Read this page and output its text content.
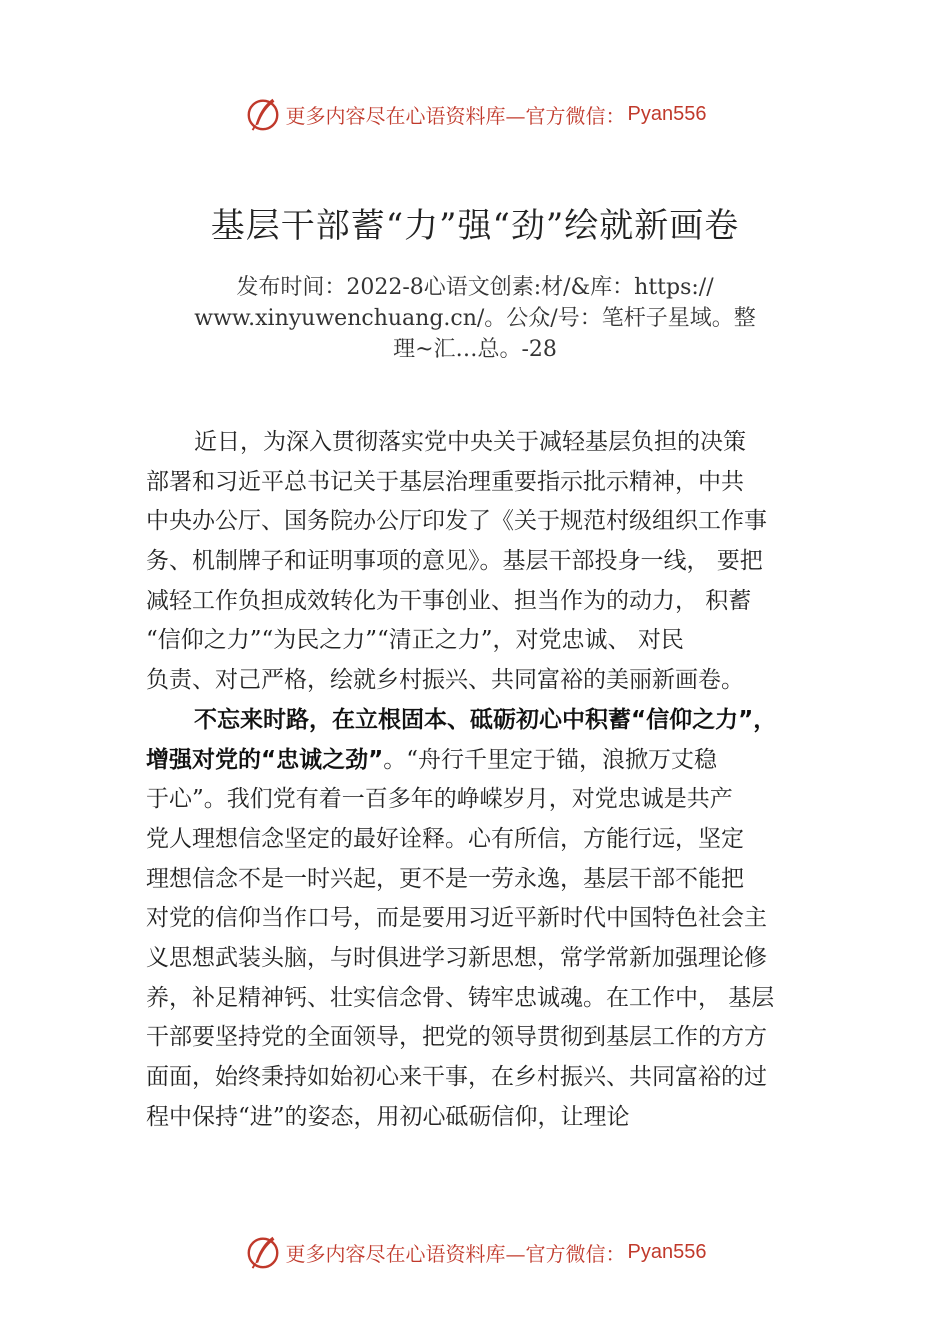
更多内容尽在心语资料库—官方微信： Pyan556
基层干部蓄“力”强“劲”绘就新画卷
发布时间：2022-8心语文创素:材/&库：https://
www.xinyuwenchuang.cn/。公众/号：笔杆子星域。整
理~汇…总。-28
近日，为深入贯彻落实党中央关于减轻基层负担的决策
部署和习近平总书记关于基层治理重要指示批示精神，中共
中央办公厅、国务院办公厅印发了《关于规范村级组织工作事
务、机制牌子和证明事项的意见》。基层干部投身一线， 要把
减轻工作负担成效转化为干事创业、担当作为的动力， 积蓄
“信仰之力”“为民之力”“清正之力”，对党忠诚、 对民
负责、对己严格，绘就乡村振兴、共同富裕的美丽新画卷。
不忘来时路，在立根固本、砥砺初心中积蓄“信仰之力”，
增强对党的“忠诚之劲”。“舟行千里定于锚，浪掀万丈稳
于心”。我们党有着一百多年的峥嵘岁月，对党忠诚是共产
党人理想信念坚定的最好诠释。心有所信，方能行远，坚定
理想信念不是一时兴起，更不是一劳永逸，基层干部不能把
对党的信仰当作口号，而是要用习近平新时代中国特色社会主
义思想武装头脑，与时俱进学习新思想，常学常新加强理论修
养，补足精神钙、壮实信念骨、铸牢忠诚魂。在工作中， 基层
干部要坚持党的全面领导，把党的领导贯彻到基层工作的方方
面面，始终秉持如始初心来干事，在乡村振兴、共同富裕的过
程中保持“进”的姿态，用初心砥砺信仰，让理论
更多内容尽在心语资料库—官方微信： Pyan556
